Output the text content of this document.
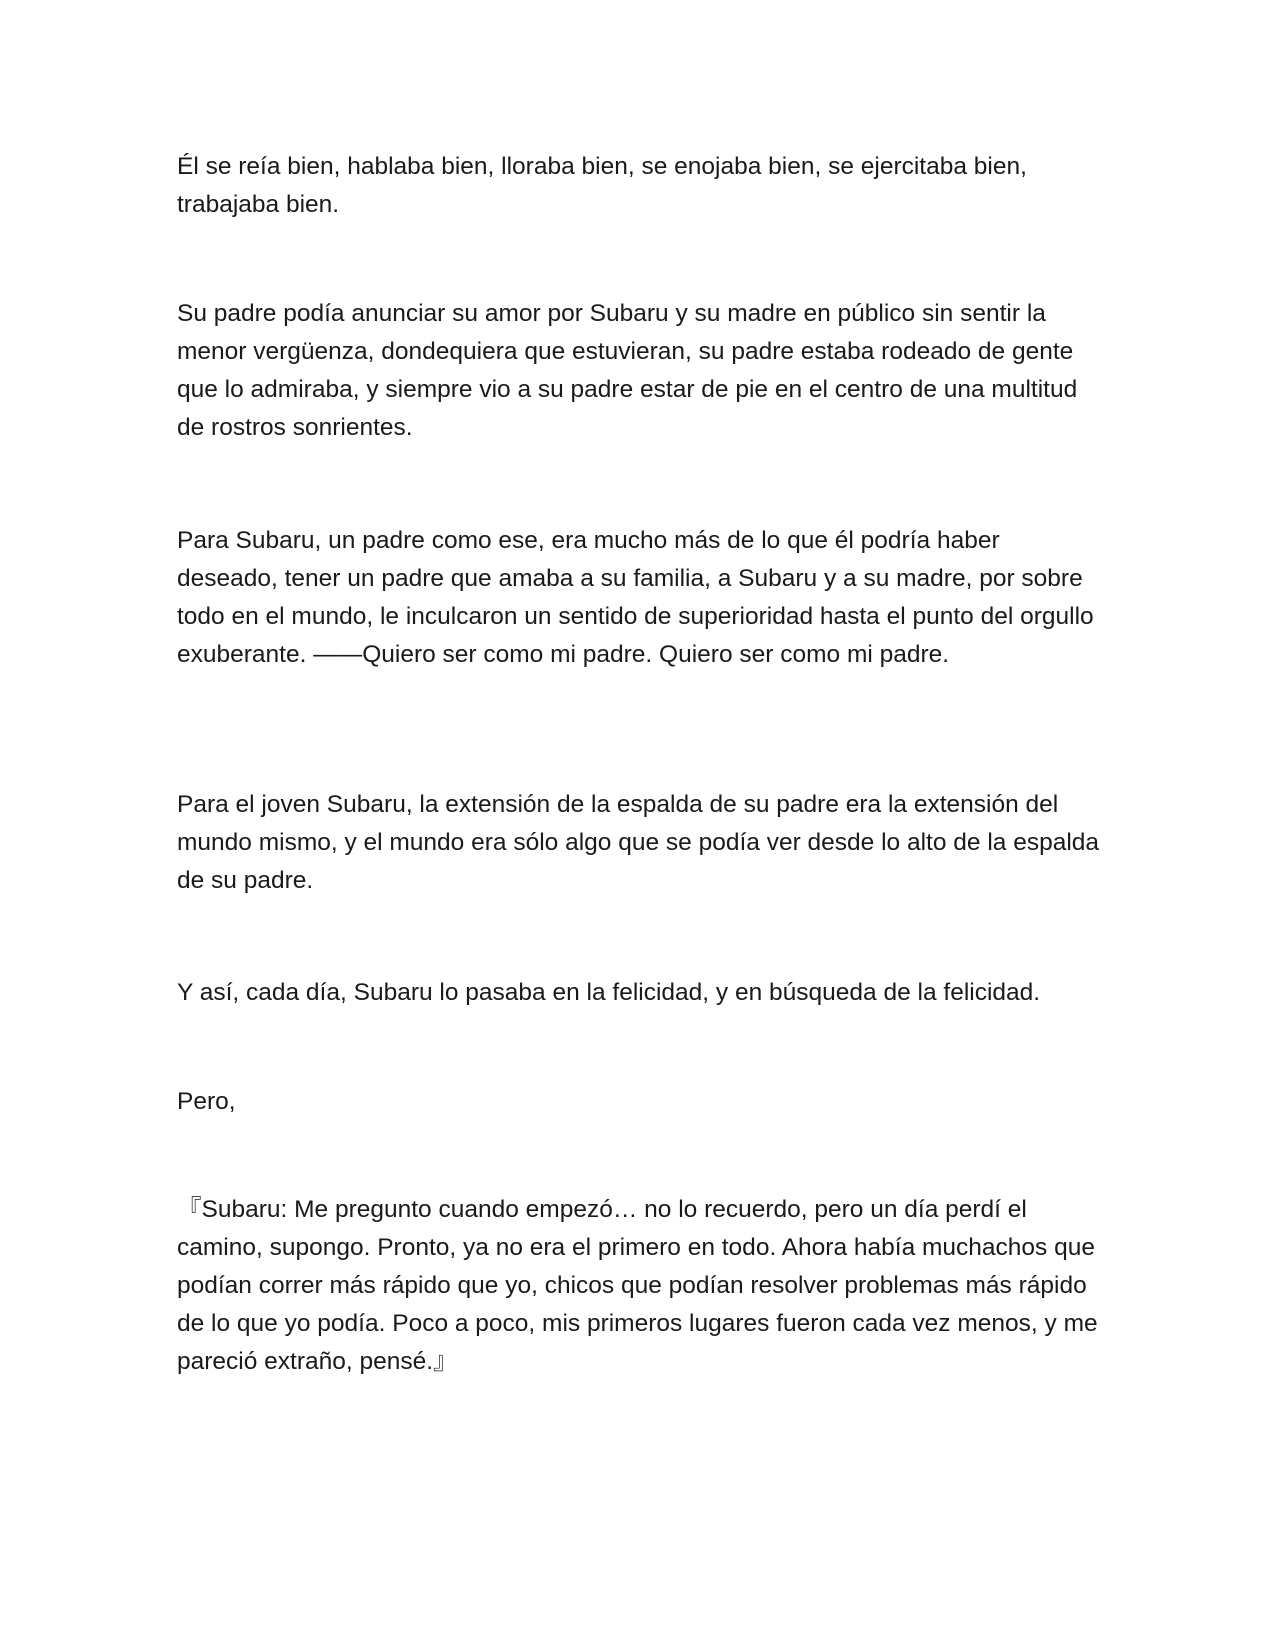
Él se reía bien, hablaba bien, lloraba bien, se enojaba bien, se ejercitaba bien, trabajaba bien.

Su padre podía anunciar su amor por Subaru y su madre en público sin sentir la menor vergüenza, dondequiera que estuvieran, su padre estaba rodeado de gente que lo admiraba, y siempre vio a su padre estar de pie en el centro de una multitud de rostros sonrientes.

Para Subaru, un padre como ese, era mucho más de lo que él podría haber deseado, tener un padre que amaba a su familia, a Subaru y a su madre, por sobre todo en el mundo, le inculcaron un sentido de superioridad hasta el punto del orgullo exuberante. ——Quiero ser como mi padre. Quiero ser como mi padre.

Para el joven Subaru, la extensión de la espalda de su padre era la extensión del mundo mismo, y el mundo era sólo algo que se podía ver desde lo alto de la espalda de su padre.

Y así, cada día, Subaru lo pasaba en la felicidad, y en búsqueda de la felicidad.

Pero,

『Subaru: Me pregunto cuando empezó… no lo recuerdo, pero un día perdí el camino, supongo. Pronto, ya no era el primero en todo. Ahora había muchachos que podían correr más rápido que yo, chicos que podían resolver problemas más rápido de lo que yo podía. Poco a poco, mis primeros lugares fueron cada vez menos, y me pareció extraño, pensé.』
